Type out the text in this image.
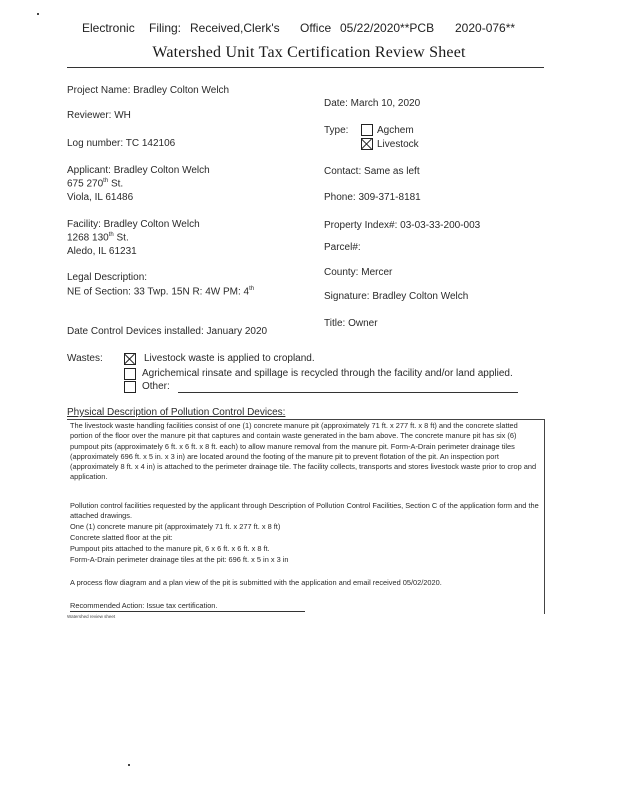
Electronic Filing: Received,Clerk's Office 05/22/2020**PCB 2020-076**
Watershed Unit Tax Certification Review Sheet
Project Name: Bradley Colton Welch
Reviewer: WH
Log number: TC 142106
Applicant: Bradley Colton Welch
675 270th St.
Viola, IL 61486
Facility: Bradley Colton Welch
1268 130th St.
Aledo, IL 61231
Legal Description:
NE of Section: 33 Twp. 15N R: 4W PM: 4th
Date Control Devices installed: January 2020
Date: March 10, 2020
Type:	Agchem
Livestock
Contact: Same as left
Phone: 309-371-8181
Property Index#: 03-03-33-200-003
Parcel#:
County: Mercer
Signature: Bradley Colton Welch
Title: Owner
Wastes:	Livestock waste is applied to cropland.
Agrichemical rinsate and spillage is recycled through the facility and/or land applied.
Other:
Physical Description of Pollution Control Devices:
The livestock waste handling facilities consist of one (1) concrete manure pit (approximately 71 ft. x 277 ft. x 8 ft) and the concrete slatted portion of the floor over the manure pit that captures and contain waste generated in the barn above. The concrete manure pit has six (6) pumpout pits (approximately 6 ft. x 6 ft. x 8 ft. each) to allow manure removal from the manure pit. Form-A-Drain perimeter drainage tiles (approximately 696 ft. x 5 in. x 3 in) are located around the footing of the manure pit to prevent flotation of the pit. An inspection port (approximately 8 ft. x 4 in) is attached to the perimeter drainage tile. The facility collects, transports and stores livestock waste prior to crop and application.
Pollution control facilities requested by the applicant through Description of Pollution Control Facilities, Section C of the application form and the attached drawings.
One (1) concrete manure pit (approximately 71 ft. x 277 ft. x 8 ft)
Concrete slatted floor at the pit:
Pumpout pits attached to the manure pit, 6 x 6 ft. x 6 ft. x 8 ft.
Form-A-Drain perimeter drainage tiles at the pit: 696 ft. x 5 in x 3 in
A process flow diagram and a plan view of the pit is submitted with the application and email received 05/02/2020.
Recommended Action: Issue tax certification.
Watershed review sheet
